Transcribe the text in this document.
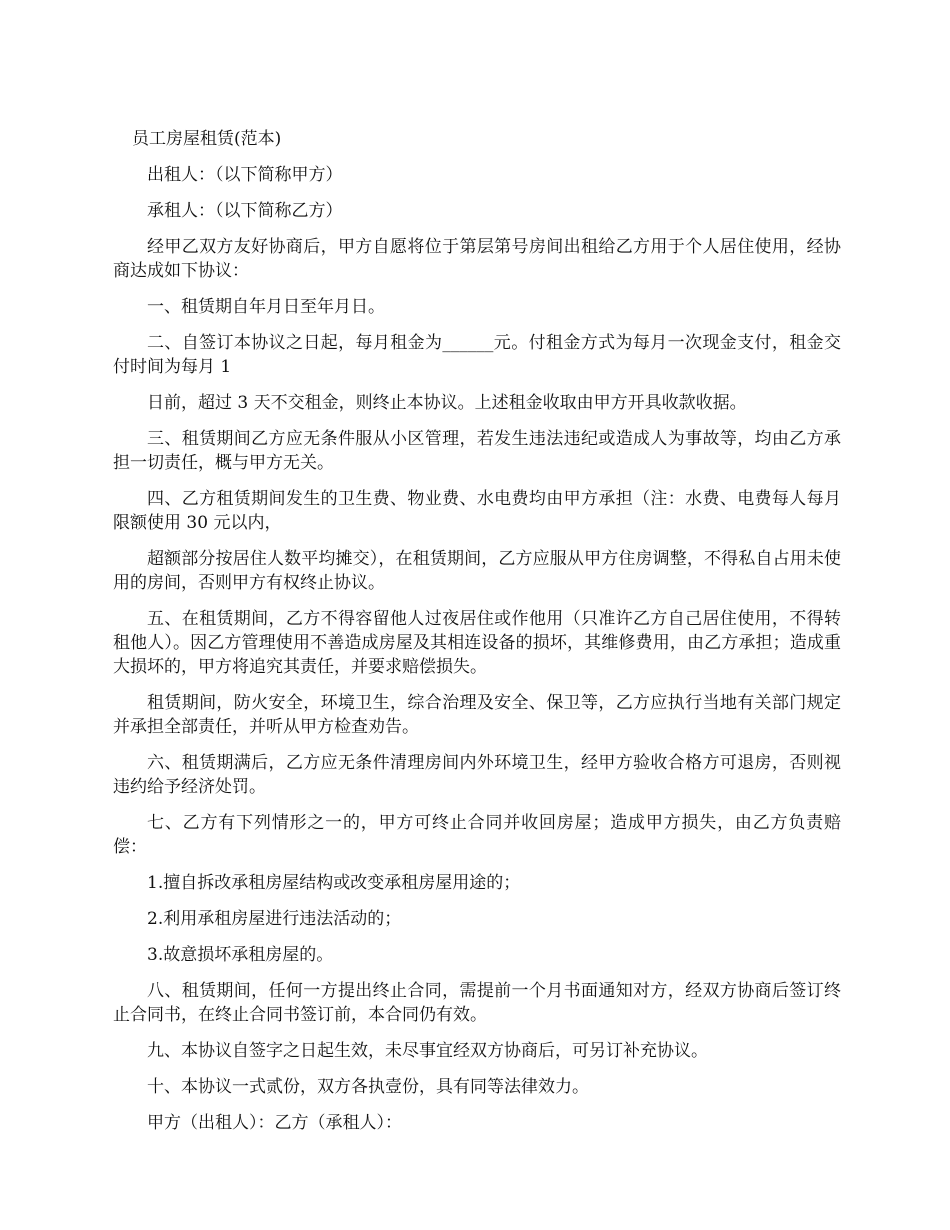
员工房屋租赁(范本)

出租人：（以下简称甲方）

承租人：（以下简称乙方）

经甲乙双方友好协商后，甲方自愿将位于第层第号房间出租给乙方用于个人居住使用，经协商达成如下协议：

一、租赁期自年月日至年月日。

二、自签订本协议之日起，每月租金为______元。付租金方式为每月一次现金支付，租金交付时间为每月 1

日前，超过 3 天不交租金，则终止本协议。上述租金收取由甲方开具收款收据。

三、租赁期间乙方应无条件服从小区管理，若发生违法违纪或造成人为事故等，均由乙方承担一切责任，概与甲方无关。

四、乙方租赁期间发生的卫生费、物业费、水电费均由甲方承担（注：水费、电费每人每月限额使用 30 元以内，

超额部分按居住人数平均摊交），在租赁期间，乙方应服从甲方住房调整，不得私自占用未使用的房间，否则甲方有权终止协议。

五、在租赁期间，乙方不得容留他人过夜居住或作他用（只准许乙方自己居住使用，不得转租他人）。因乙方管理使用不善造成房屋及其相连设备的损坏，其维修费用，由乙方承担；造成重大损坏的，甲方将追究其责任，并要求赔偿损失。

租赁期间，防火安全，环境卫生，综合治理及安全、保卫等，乙方应执行当地有关部门规定并承担全部责任，并听从甲方检查劝告。

六、租赁期满后，乙方应无条件清理房间内外环境卫生，经甲方验收合格方可退房，否则视违约给予经济处罚。

七、乙方有下列情形之一的，甲方可终止合同并收回房屋；造成甲方损失，由乙方负责赔偿：

1.擅自拆改承租房屋结构或改变承租房屋用途的；

2.利用承租房屋进行违法活动的；

3.故意损坏承租房屋的。

八、租赁期间，任何一方提出终止合同，需提前一个月书面通知对方，经双方协商后签订终止合同书，在终止合同书签订前，本合同仍有效。

九、本协议自签字之日起生效，未尽事宜经双方协商后，可另订补充协议。

十、本协议一式贰份，双方各执壹份，具有同等法律效力。

甲方（出租人）：乙方（承租人）：
